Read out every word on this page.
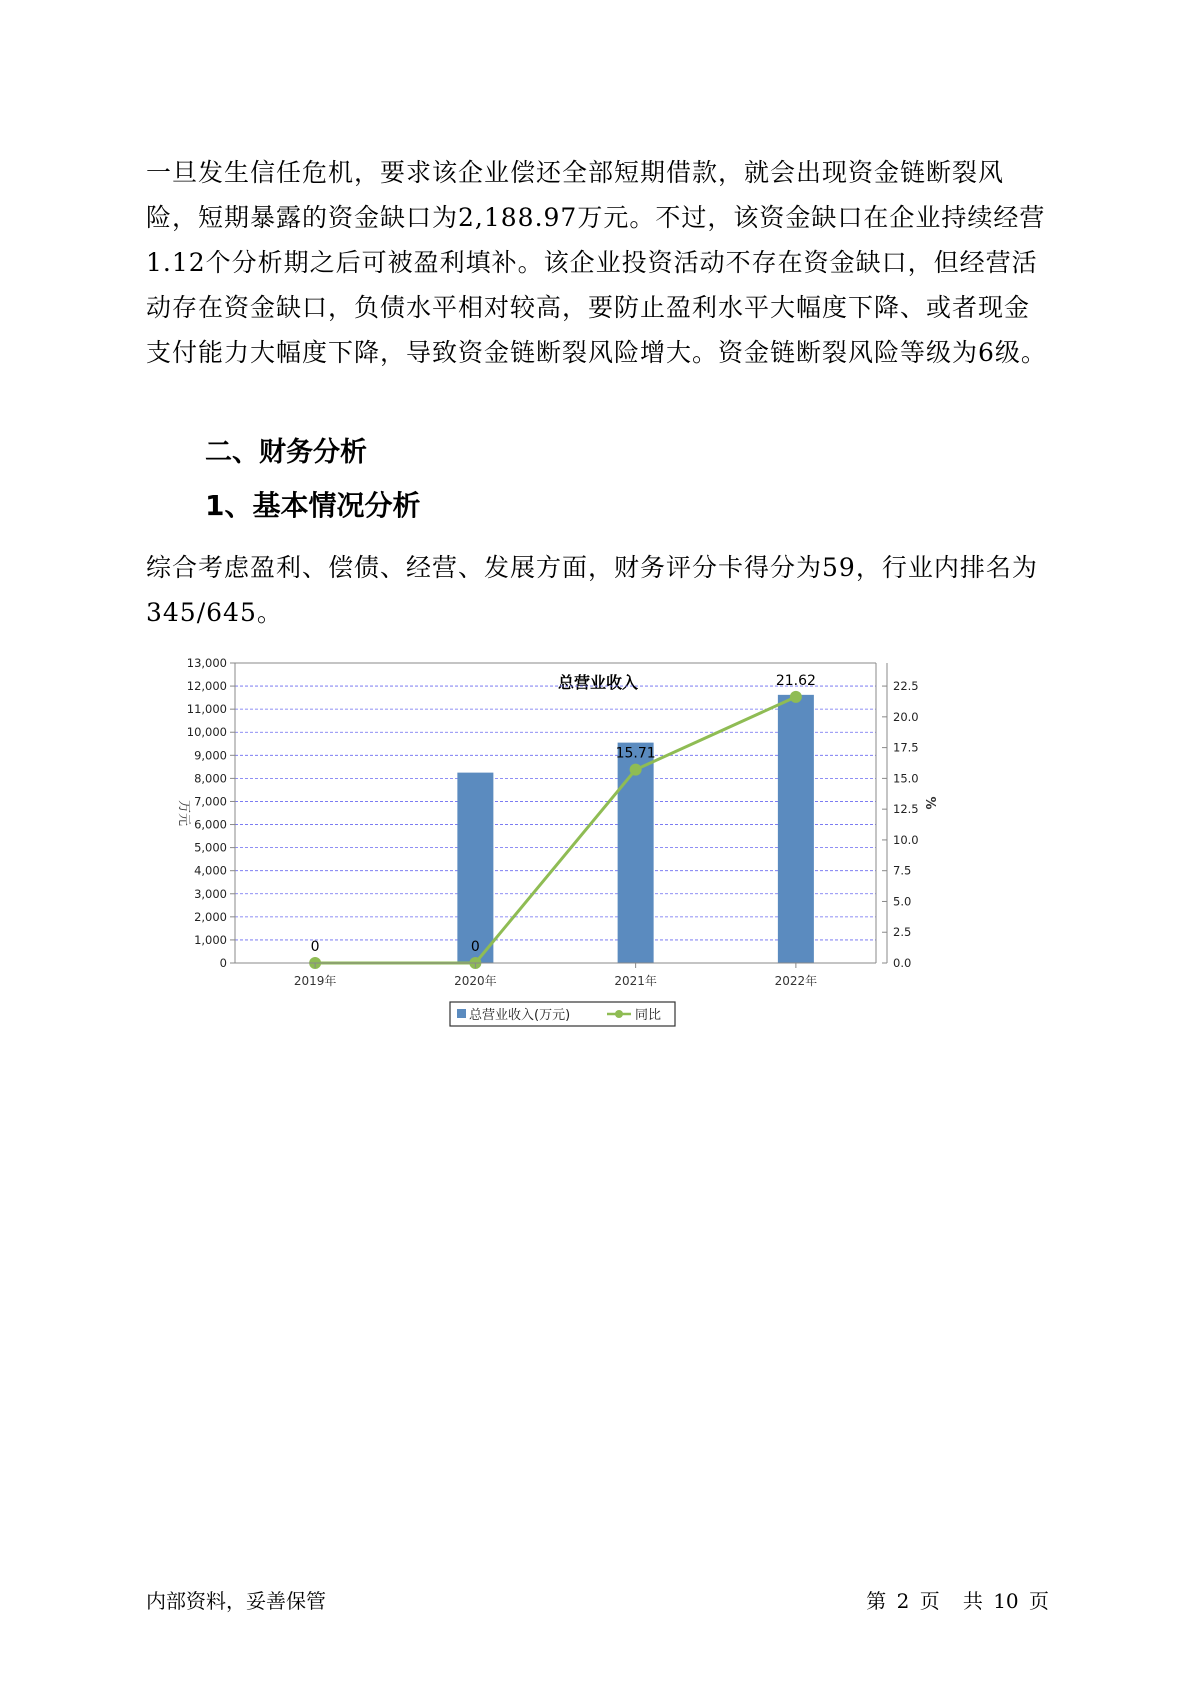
一旦发生信任危机，要求该企业偿还全部短期借款，就会出现资金链断裂风险，短期暴露的资金缺口为2,188.97万元。不过，该资金缺口在企业持续经营 1.12个分析期之后可被盈利填补。该企业投资活动不存在资金缺口，但经营活动存在资金缺口，负债水平相对较高，要防止盈利水平大幅度下降、或者现金支付能力大幅度下降，导致资金链断裂风险增大。资金链断裂风险等级为6级。

二、财务分析
1、基本情况分析

综合考虑盈利、偿债、经营、发展方面，财务评分卡得分为59，行业内排名为345/645。

总营业收入
0	0
15.71
21.62
0
1,000
2,000
3,000
4,000
5,000
6,000
7,000
8,000
9,000
10,000
11,000
12,000
13,000
0.0
2.5
5.0
7.5
10.0
12.5
15.0
17.5
20.0
22.5
万元	%
2019年	2020年	2021年	2022年
总营业收入(万元)	同比
内部资料，妥善保管	第 2 页 共 10 页
